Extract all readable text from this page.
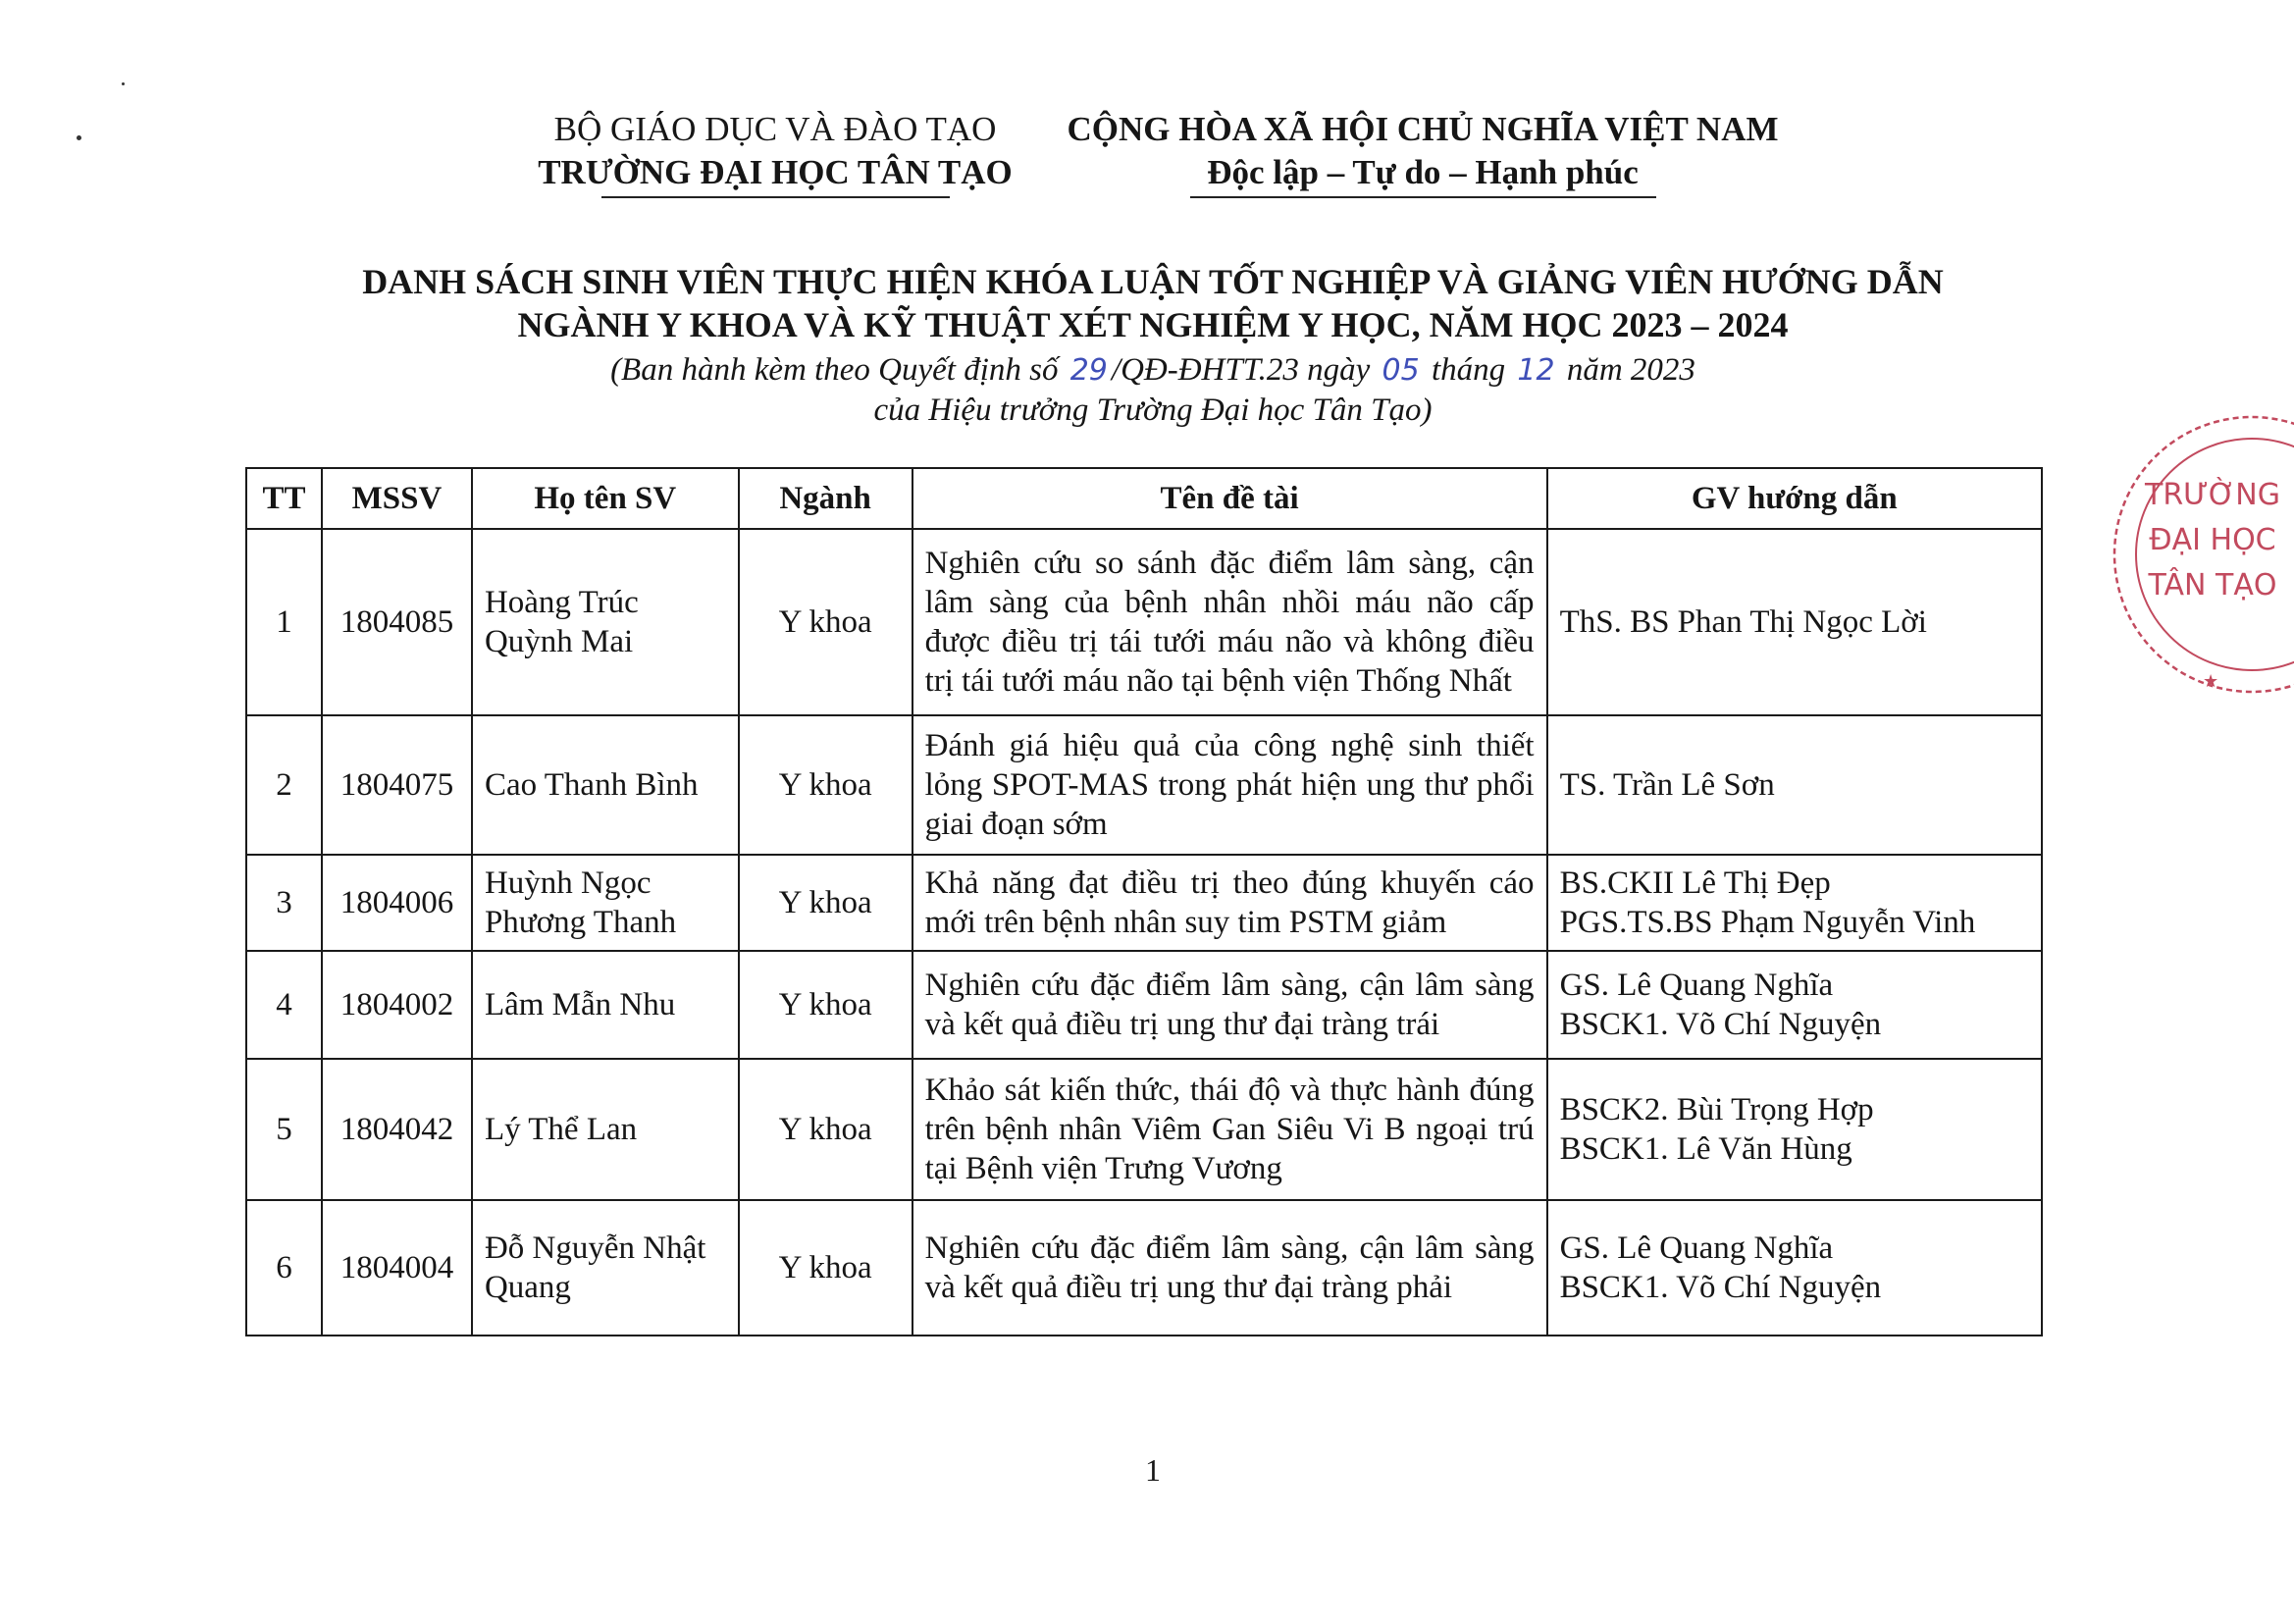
BỘ GIÁO DỤC VÀ ĐÀO TẠO
TRƯỜNG ĐẠI HỌC TÂN TẠO
CỘNG HÒA XÃ HỘI CHỦ NGHĨA VIỆT NAM
Độc lập – Tự do – Hạnh phúc
DANH SÁCH SINH VIÊN THỰC HIỆN KHÓA LUẬN TỐT NGHIỆP VÀ GIẢNG VIÊN HƯỚNG DẪN
NGÀNH Y KHOA VÀ KỸ THUẬT XÉT NGHIỆM Y HỌC, NĂM HỌC 2023 – 2024
(Ban hành kèm theo Quyết định số 29 /QĐ-ĐHTT.23 ngày 05 tháng 12 năm 2023
của Hiệu trưởng Trường Đại học Tân Tạo)
TT	MSSV	Họ tên SV	Ngành	Tên đề tài	GV hướng dẫn
1	1804085	Hoàng Trúc Quỳnh Mai	Y khoa	Nghiên cứu so sánh đặc điểm lâm sàng, cận lâm sàng của bệnh nhân nhồi máu não cấp được điều trị tái tưới máu não và không điều trị tái tưới máu não tại bệnh viện Thống Nhất	ThS. BS Phan Thị Ngọc Lời

2	1804075	Cao Thanh Bình	Y khoa	Đánh giá hiệu quả của công nghệ sinh thiết lỏng SPOT-MAS trong phát hiện ung thư phổi giai đoạn sớm	TS. Trần Lê Sơn

3	1804006	Huỳnh Ngọc Phương Thanh	Y khoa	Khả năng đạt điều trị theo đúng khuyến cáo mới trên bệnh nhân suy tim PSTM giảm	BS.CKII Lê Thị Đẹp
PGS.TS.BS Phạm Nguyễn Vinh

4	1804002	Lâm Mẫn Nhu	Y khoa	Nghiên cứu đặc điểm lâm sàng, cận lâm sàng và kết quả điều trị ung thư đại tràng trái	GS. Lê Quang Nghĩa
BSCK1. Võ Chí Nguyện

5	1804042	Lý Thể Lan	Y khoa	Khảo sát kiến thức, thái độ và thực hành đúng trên bệnh nhân Viêm Gan Siêu Vi B ngoại trú tại Bệnh viện Trưng Vương	BSCK2. Bùi Trọng Hợp
BSCK1. Lê Văn Hùng

6	1804004	Đỗ Nguyễn Nhật Quang	Y khoa	Nghiên cứu đặc điểm lâm sàng, cận lâm sàng và kết quả điều trị ung thư đại tràng phải	GS. Lê Quang Nghĩa
BSCK1. Võ Chí Nguyện
1
★
TRƯỜNG
ĐẠI HỌC
TÂN TẠO
